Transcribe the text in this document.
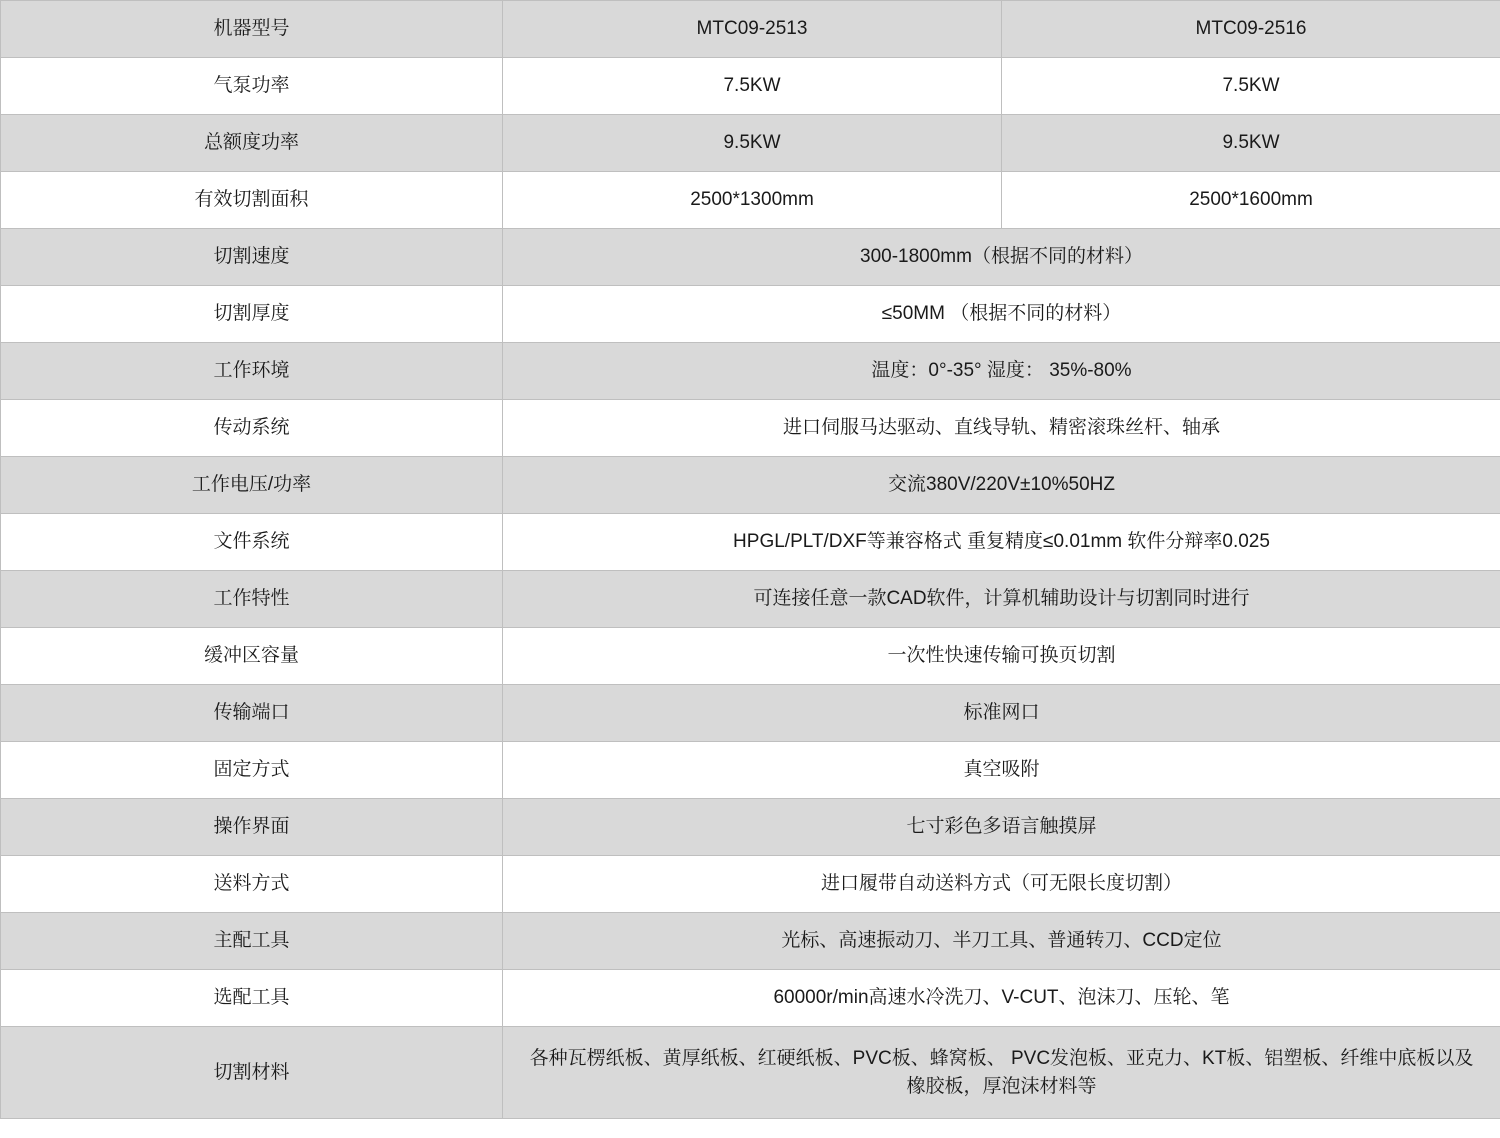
机器型号	MTC09-2513	MTC09-2516
气泵功率	7.5KW	7.5KW
总额度功率	9.5KW	9.5KW
有效切割面积	2500*1300mm	2500*1600mm
切割速度	300-1800mm（根据不同的材料）	

切割厚度	≤50MM （根据不同的材料）	

工作环境	温度：0°-35° 湿度： 35%-80%	

传动系统	进口伺服马达驱动、直线导轨、精密滚珠丝杆、轴承	

工作电压/功率	交流380V/220V±10%50HZ	

文件系统	HPGL/PLT/DXF等兼容格式 重复精度≤0.01mm 软件分辩率0.025	

工作特性	可连接任意一款CAD软件，计算机辅助设计与切割同时进行	

缓冲区容量	一次性快速传输可换页切割	

传输端口	标准网口	

固定方式	真空吸附	

操作界面	七寸彩色多语言触摸屏	

送料方式	进口履带自动送料方式（可无限长度切割）	

主配工具	光标、高速振动刀、半刀工具、普通转刀、CCD定位	

选配工具	60000r/min高速水冷洗刀、V-CUT、泡沫刀、压轮、笔	

切割材料	各种瓦楞纸板、黄厚纸板、红硬纸板、PVC板、蜂窝板、 PVC发泡板、亚克力、KT板、铝塑板、纤维中底板以及橡胶板，厚泡沫材料等	
